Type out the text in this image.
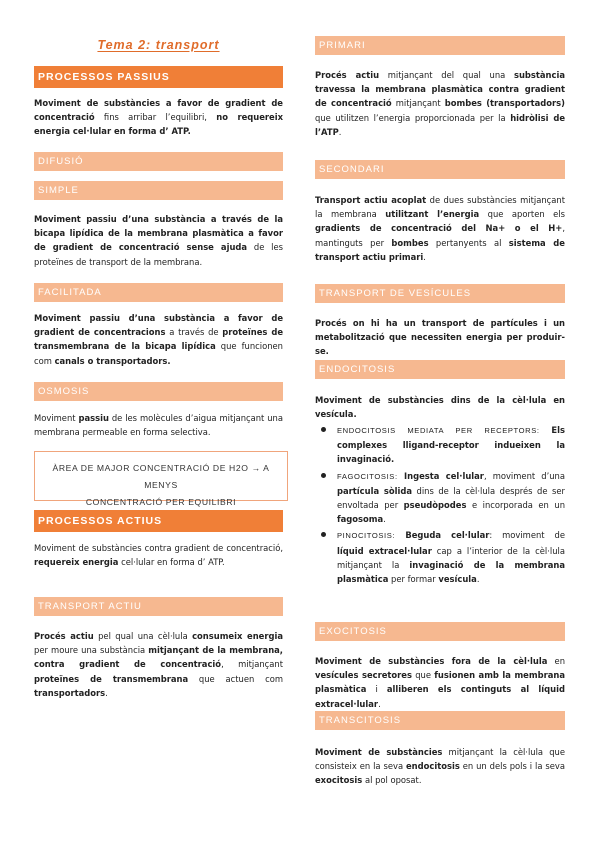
Tema 2: transport
PROCESSOS PASSIUS
Moviment de substàncies a favor de gradient de concentració fins arribar l’equilibri, no requereix energia cel·lular en forma d’ ATP.
DIFUSIÓ
SIMPLE
Moviment passiu d’una substància a través de la bicapa lipídica de la membrana plasmàtica a favor de gradient de concentració sense ajuda de les proteïnes de transport de la membrana.
FACILITADA
Moviment passiu d’una substància a favor de gradient de concentracions a través de proteïnes de transmembrana de la bicapa lipídica que funcionen com canals o transportadors.
OSMOSIS
Moviment passiu de les molècules d’aigua mitjançant una membrana permeable en forma selectiva.
ÀREA DE MAJOR CONCENTRACIÓ DE H2O → A MENYS
CONCENTRACIÓ PER EQUILIBRI
PROCESSOS ACTIUS
Moviment de substàncies contra gradient de concentració, requereix energia cel·lular en forma d’ ATP.
TRANSPORT ACTIU
Procés actiu pel qual una cèl·lula consumeix energia per moure una substància mitjançant de la membrana, contra gradient de concentració, mitjançant proteïnes de transmembrana que actuen com transportadors.
PRIMARI
Procés actiu mitjançant del qual una substància travessa la membrana plasmàtica contra gradient de concentració mitjançant bombes (transportadors) que utilitzen l’energia proporcionada per la hidròlisi de l’ATP.
SECONDARI
Transport actiu acoplat de dues substàncies mitjançant la membrana utilitzant l’energia que aporten els gradients de concentració del Na+ o el H+, mantinguts per bombes pertanyents al sistema de transport actiu primari.
TRANSPORT DE VESÍCULES
Procés on hi ha un transport de partícules i un metabolització que necessiten energia per produir-se.
ENDOCITOSIS
Moviment de substàncies dins de la cèl·lula en vesícula.
ENDOCITOSIS MEDIATA PER RECEPTORS: Els complexes lligand-receptor indueixen la invaginació.
FAGOCITOSIS: Ingesta cel·lular, moviment d’una partícula sòlida dins de la cèl·lula després de ser envoltada per pseudòpodes e incorporada en un fagosoma.
PINOCITOSIS: Beguda cel·lular: moviment de líquid extracel·lular cap a l’interior de la cèl·lula mitjançant la invaginació de la membrana plasmàtica per formar vesícula.
EXOCITOSIS
Moviment de substàncies fora de la cèl·lula en vesícules secretores que fusionen amb la membrana plasmàtica i alliberen els continguts al líquid extracel·lular.
TRANSCITOSIS
Moviment de substàncies mitjançant la cèl·lula que consisteix en la seva endocitosis en un dels pols i la seva exocitosis al pol oposat.
